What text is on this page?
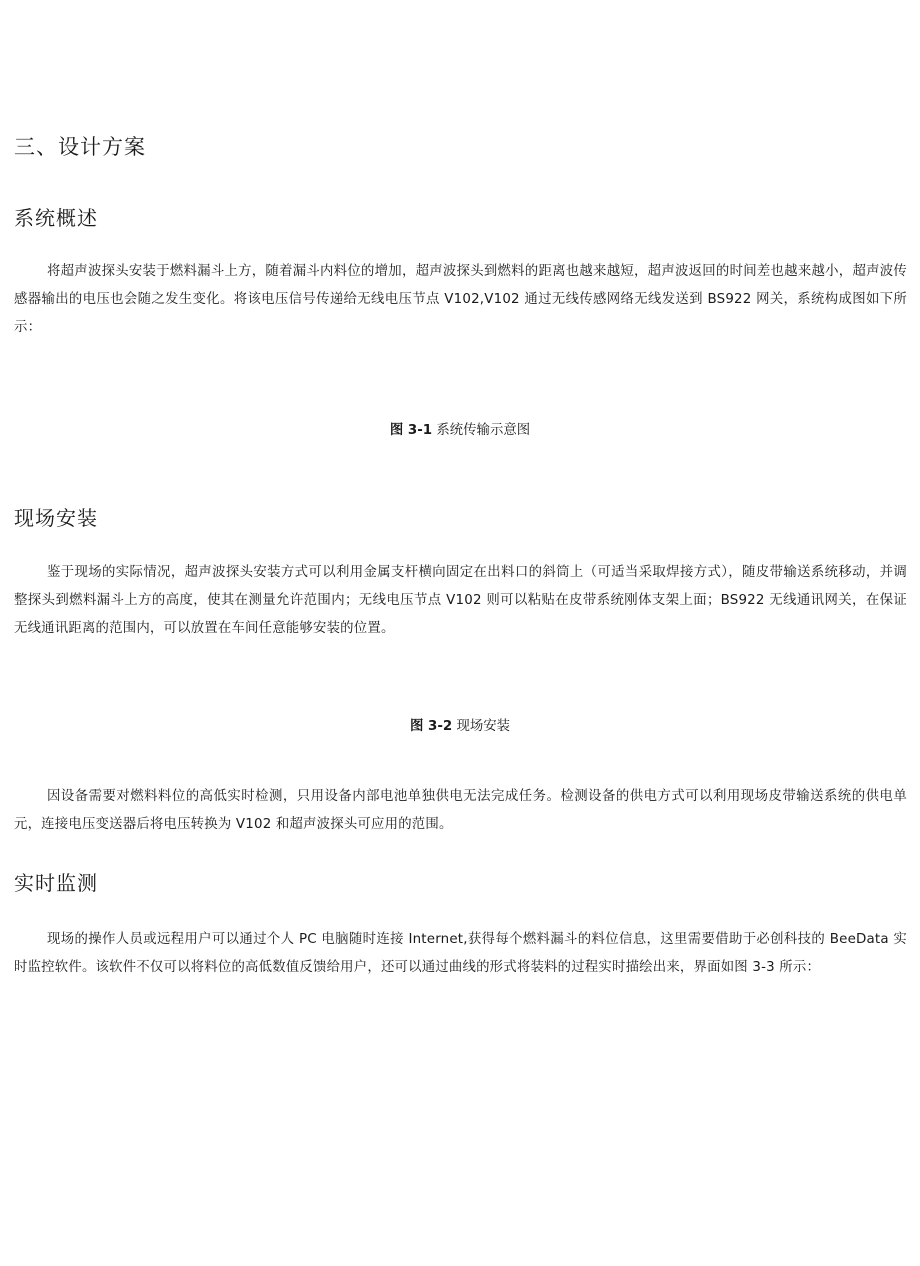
三、设计方案
系统概述

将超声波探头安装于燃料漏斗上方，随着漏斗内料位的增加，超声波探头到燃料的距离也越来越短，超声波返回的时间差也越来越小，超声波传感器输出的电压也会随之发生变化。将该电压信号传递给无线电压节点 V102,V102 通过无线传感网络无线发送到 BS922 网关，系统构成图如下所示：

图 3-1 系统传输示意图

现场安装

鉴于现场的实际情况，超声波探头安装方式可以利用金属支杆横向固定在出料口的斜筒上（可适当采取焊接方式），随皮带输送系统移动，并调整探头到燃料漏斗上方的高度，使其在测量允许范围内；无线电压节点 V102 则可以粘贴在皮带系统刚体支架上面；BS922 无线通讯网关，在保证无线通讯距离的范围内，可以放置在车间任意能够安装的位置。

图 3-2 现场安装

因设备需要对燃料料位的高低实时检测，只用设备内部电池单独供电无法完成任务。检测设备的供电方式可以利用现场皮带输送系统的供电单元，连接电压变送器后将电压转换为 V102 和超声波探头可应用的范围。

实时监测

现场的操作人员或远程用户可以通过个人 PC 电脑随时连接 Internet,获得每个燃料漏斗的料位信息，这里需要借助于必创科技的 BeeData 实时监控软件。该软件不仅可以将料位的高低数值反馈给用户，还可以通过曲线的形式将装料的过程实时描绘出来，界面如图 3-3 所示：
